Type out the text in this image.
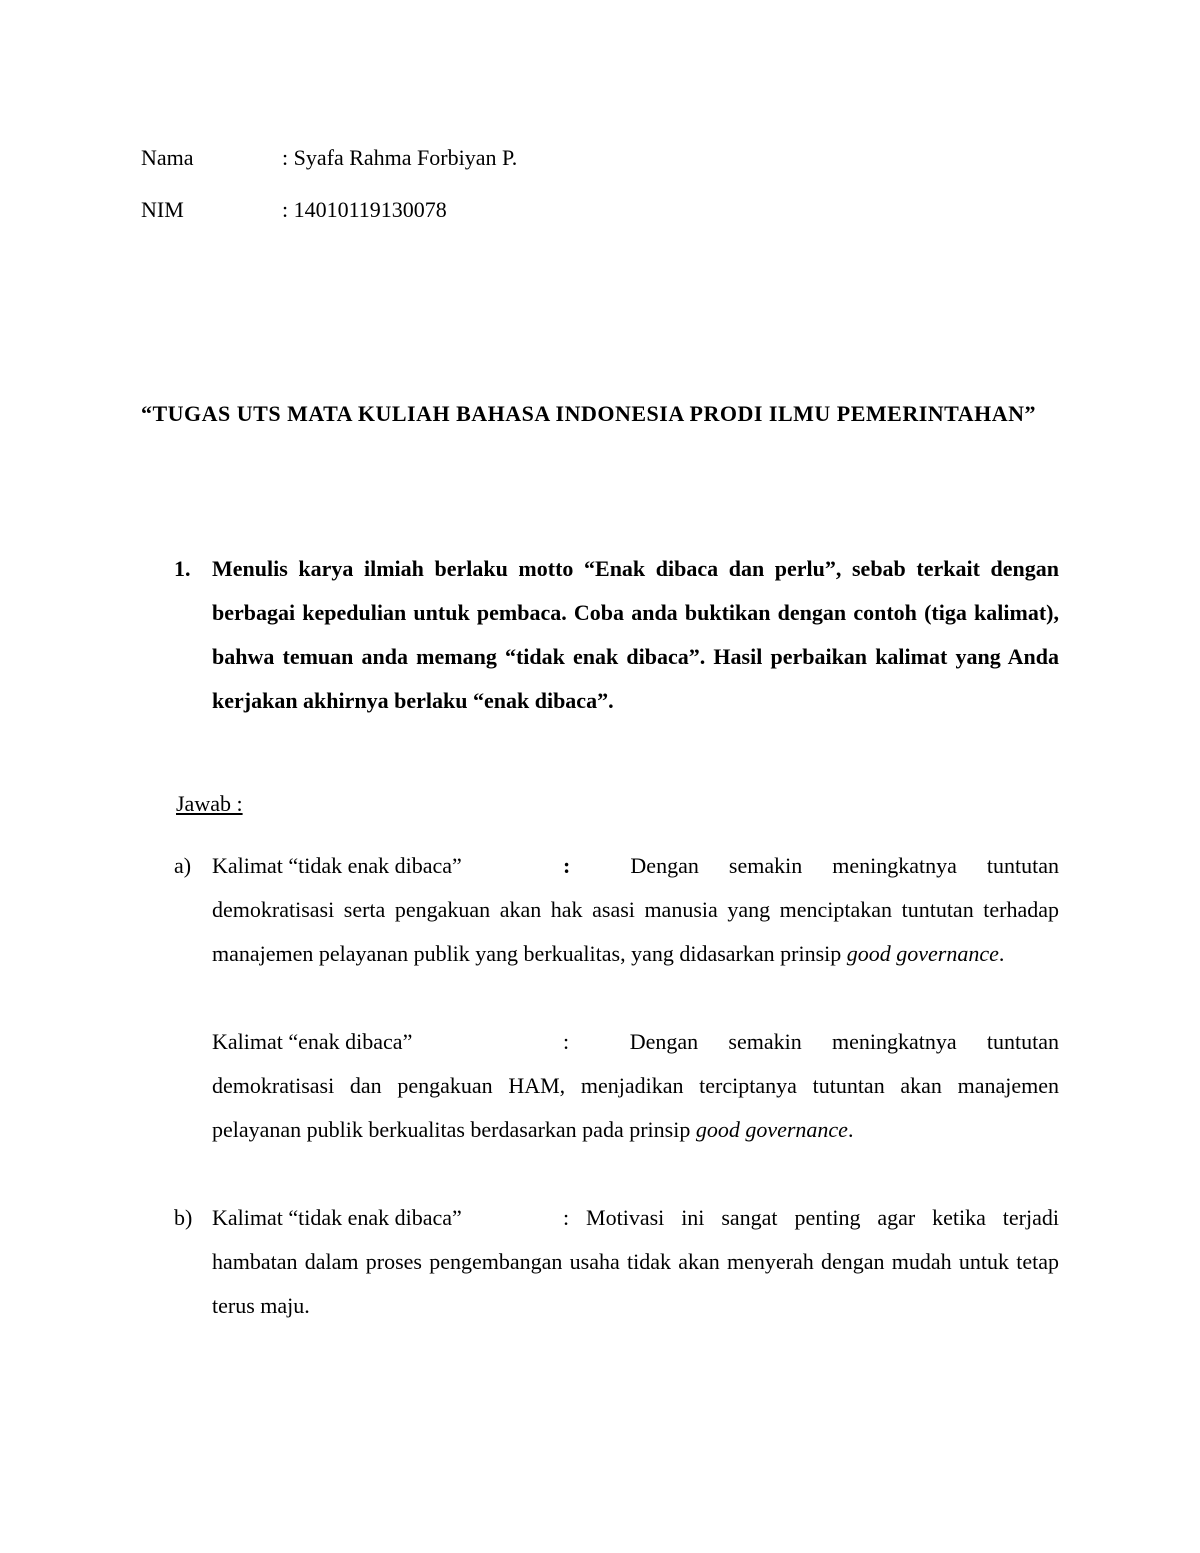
Nama	: Syafa Rahma Forbiyan P.
NIM	: 14010119130078
“TUGAS UTS MATA KULIAH BAHASA INDONESIA PRODI ILMU PEMERINTAHAN”
1. Menulis karya ilmiah berlaku motto “Enak dibaca dan perlu”, sebab terkait dengan berbagai kepedulian untuk pembaca. Coba anda buktikan dengan contoh (tiga kalimat), bahwa temuan anda memang “tidak enak dibaca”. Hasil perbaikan kalimat yang Anda kerjakan akhirnya berlaku “enak dibaca”.
Jawab :
a) Kalimat “tidak enak dibaca”	:	Dengan semakin meningkatnya tuntutan demokratisasi serta pengakuan akan hak asasi manusia yang menciptakan tuntutan terhadap manajemen pelayanan publik yang berkualitas, yang didasarkan prinsip good governance.
Kalimat “enak dibaca”	:	Dengan semakin meningkatnya tuntutan demokratisasi dan pengakuan HAM, menjadikan terciptanya tutuntan akan manajemen pelayanan publik berkualitas berdasarkan pada prinsip good governance.
b) Kalimat “tidak enak dibaca”	: Motivasi ini sangat penting agar ketika terjadi hambatan dalam proses pengembangan usaha tidak akan menyerah dengan mudah untuk tetap terus maju.
